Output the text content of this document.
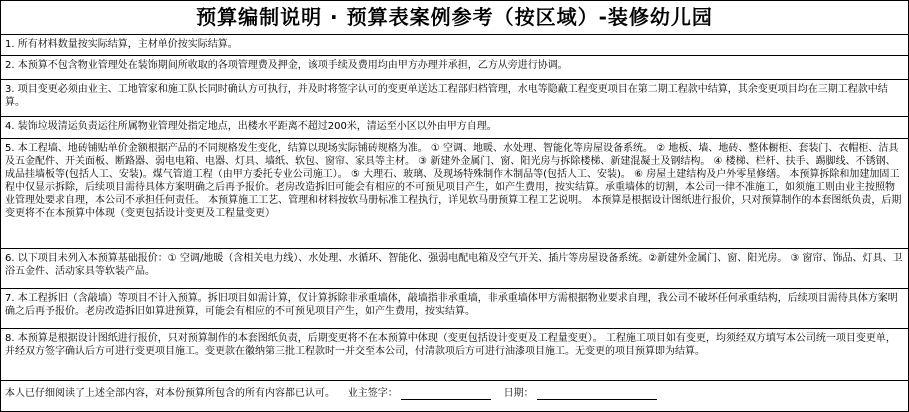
预算编制说明 · 预算表案例参考（按区域）-装修幼儿园
1. 所有材料数量按实际结算，主材单价按实际结算。
2. 本预算不包含物业管理处在装饰期间所收取的各项管理费及押金，该项手续及费用均由甲方办理并承担，乙方从旁进行协调。
3. 项目变更必须由业主、工地管家和施工队长同时确认方可执行，并及时将签字认可的变更单送达工程部归档管理，水电等隐蔽工程变更项目在第二期工程款中结算，其余变更项目均在三期工程款中结算。
4. 装饰垃圾清运负责运往所属物业管理处指定地点，出楼水平距离不超过200米，清运至小区以外由甲方自理。
5. 本工程墙、地砖铺贴单价金额根据产品的不同规格发生变化，结算以现场实际铺砖规格为准。 ① 空调、地暖、水处理、智能化等房屋设备系统。 ② 地板、墙、地砖、整体橱柜、套装门、衣帽柜、洁具及五金配件、开关面板、断路器、弱电电箱、电器、灯具、墙纸、软包、窗帘、家具等主材。 ③ 新建外金属门、窗、阳光房与拆除楼梯、新建混凝土及钢结构。 ④ 楼梯、栏杆、扶手、踢脚线、不锈钢、成品挂墙板等(包括人工、安装)。煤气管道工程（由甲方委托专业公司施工）。 ⑤ 大理石、玻璃、及现场特殊制作木制品等(包括人工、安装)。 ⑥ 房屋土建结构及户外零星修缮。 本预算拆除和加建加固工程中仅显示拆除，后续项目需待具体方案明确之后再予报价。老房改造拆旧可能会有相应的不可预见项目产生，如产生费用，按实结算。承重墙体的切割，本公司一律不准施工，如须施工则由业主按照物业管理处要求自理，本公司不承担任何责任。 本预算施工工艺、管理和材料按软马册标准工程执行，详见软马册预算工程工艺说明。 本预算是根据设计图纸进行报价，只对预算制作的本套图纸负责，后期变更将不在本预算中体现（变更包括设计变更及工程量变更）
6. 以下项目未列入本预算基础报价：① 空调/地暖（含相关电力线）、水处理、水循环、智能化、强弱电配电箱及空气开关、插片等房屋设备系统。②新建外金属门、窗、阳光房。 ③ 窗帘、饰品、灯具、卫浴五金件、活动家具等软装产品。
7. 本工程拆旧（含敲墙）等项目不计入预算。拆旧项目如需计算，仅计算拆除非承重墙体，敲墙指非承重墙，非承重墙体甲方需根据物业要求自理，我公司不破坏任何承重结构，后续项目需待具体方案明确之后再予报价。老房改造拆旧如算进预算，可能会有相应的不可预见项目产生，如产生费用，按实结算。
8. 本预算是根据设计图纸进行报价，只对预算制作的本套图纸负责，后期变更将不在本预算中体现（变更包括设计变更及工程量变更）。 工程施工项目如有变更，均须经双方填写本公司统一项目变更单，并经双方签字确认后方可进行变更项目施工。变更款在徽纳第三批工程款时一并交至本公司，付清款项后方可进行油漆项目施工。无变更的项目预算即为结算。
本人已仔细阅读了上述全部内容，对本份预算所包含的所有内容都已认可。 业主签字：	日期：
